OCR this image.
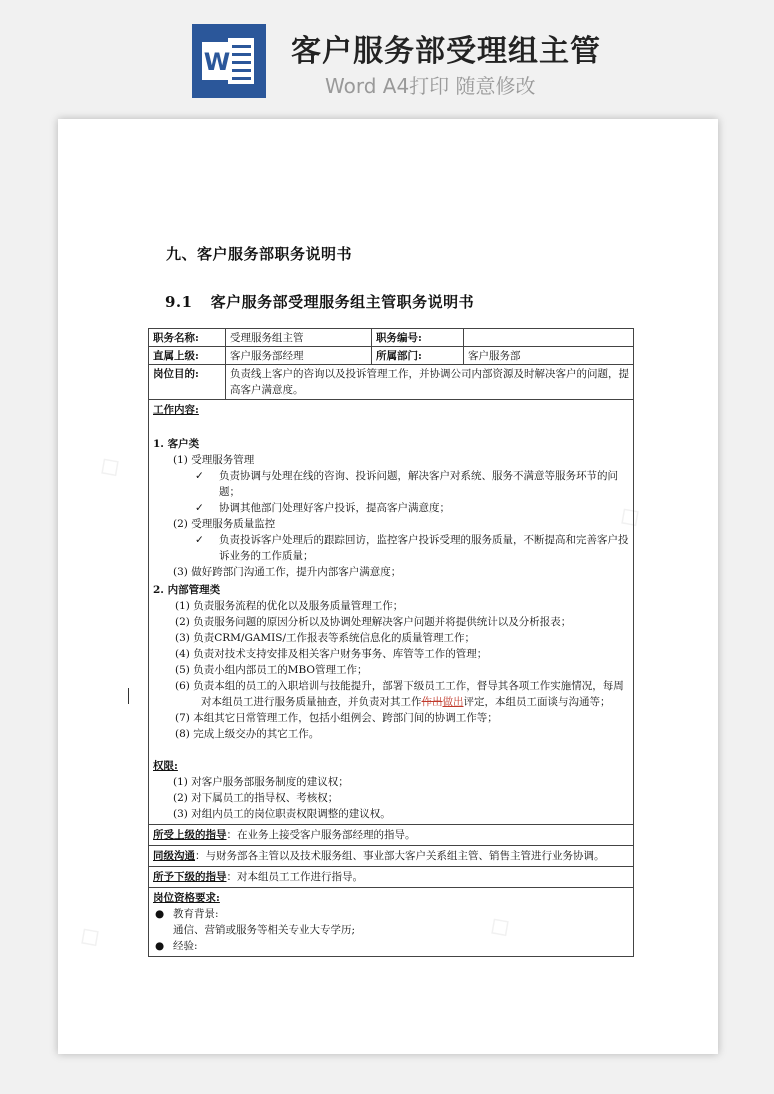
W 客户服务部受理组主管
Word A4打印 随意修改
◇
◇
◇	◇
九、客户服务部职务说明书
9.1 客户服务部受理服务组主管职务说明书
职务名称:	受理服务组主管	职务编号:
直属上级:	客户服务部经理	所属部门:	客户服务部
岗位目的:	负责线上客户的咨询以及投诉管理工作，并协调公司内部资源及时解决客户的问题，提高客户满意度。
工作内容:
1. 客户类
(1) 受理服务管理
✓ 负责协调与处理在线的咨询、投诉问题，解决客户对系统、服务不满意等服务环节的问题；
✓ 协调其他部门处理好客户投诉，提高客户满意度；
(2) 受理服务质量监控
✓ 负责投诉客户处理后的跟踪回访，监控客户投诉受理的服务质量，不断提高和完善客户投诉业务的工作质量；
(3) 做好跨部门沟通工作，提升内部客户满意度；
2. 内部管理类
(1) 负责服务流程的优化以及服务质量管理工作；
(2) 负责服务问题的原因分析以及协调处理解决客户问题并将提供统计以及分析报表；
(3) 负责CRM/GAMIS/工作报表等系统信息化的质量管理工作；
(4) 负责对技术支持安排及相关客户财务事务、库管等工作的管理；
(5) 负责小组内部员工的MBO管理工作；
(6) 负责本组的员工的入职培训与技能提升，部署下级员工工作，督导其各项工作实施情况，每周对本组员工进行服务质量抽查，并负责对其工作作出做出评定，本组员工面谈与沟通等；
(7) 本组其它日常管理工作，包括小组例会、跨部门间的协调工作等；
(8) 完成上级交办的其它工作。
权限:
(1) 对客户服务部服务制度的建议权；
(2) 对下属员工的指导权、考核权；
(3) 对组内员工的岗位职责权限调整的建议权。
所受上级的指导：在业务上接受客户服务部经理的指导。
同级沟通：与财务部各主管以及技术服务组、事业部大客户关系组主管、销售主管进行业务协调。
所予下级的指导：对本组员工工作进行指导。
岗位资格要求:
● 教育背景:
通信、营销或服务等相关专业大专学历;
● 经验:
